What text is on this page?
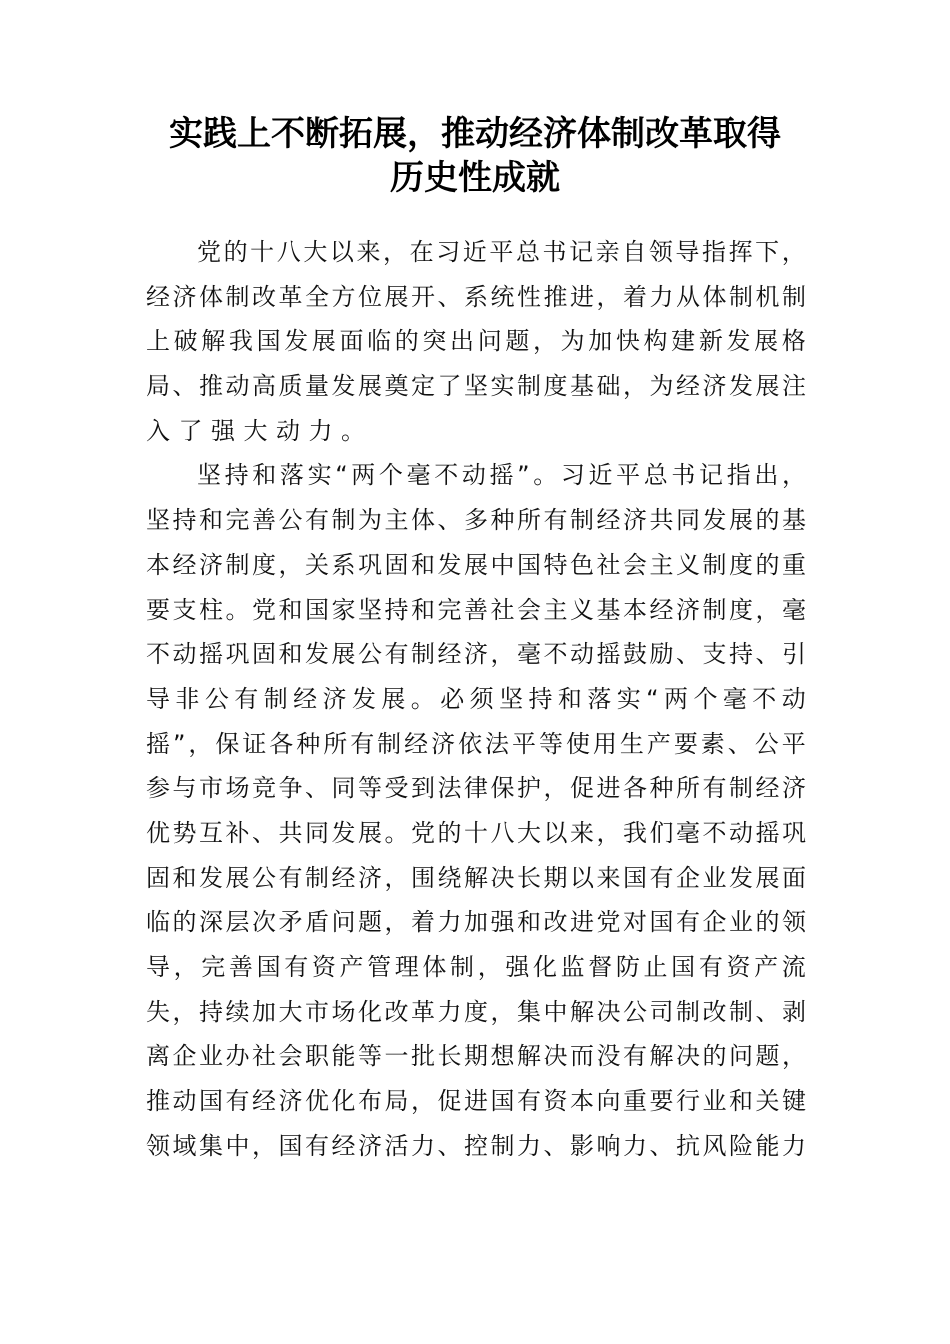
实践上不断拓展，推动经济体制改革取得
历史性成就
党 的 十 八 大 以 来 ， 在 习 近 平 总 书 记 亲 自 领 导 指 挥 下 ，
经 济 体 制 改 革 全 方 位 展 开 、 系 统 性 推 进 ， 着 力 从 体 制 机 制
上 破 解 我 国 发 展 面 临 的 突 出 问 题 ， 为 加 快 构 建 新 发 展 格
局 、 推 动 高 质 量 发 展 奠 定 了 坚 实 制 度 基 础 ， 为 经 济 发 展 注
入了强大动力。
坚 持 和 落 实 “ 两 个 毫 不 动 摇 ” 。 习 近 平 总 书 记 指 出 ，
坚 持 和 完 善 公 有 制 为 主 体 、 多 种 所 有 制 经 济 共 同 发 展 的 基
本 经 济 制 度 ， 关 系 巩 固 和 发 展 中 国 特 色 社 会 主 义 制 度 的 重
要 支 柱 。 党 和 国 家 坚 持 和 完 善 社 会 主 义 基 本 经 济 制 度 ， 毫
不 动 摇 巩 固 和 发 展 公 有 制 经 济 ， 毫 不 动 摇 鼓 励 、 支 持 、 引
导 非 公 有 制 经 济 发 展 。 必 须 坚 持 和 落 实 “ 两 个 毫 不 动
摇 ” ， 保 证 各 种 所 有 制 经 济 依 法 平 等 使 用 生 产 要 素 、 公 平
参 与 市 场 竞 争 、 同 等 受 到 法 律 保 护 ， 促 进 各 种 所 有 制 经 济
优 势 互 补 、 共 同 发 展 。 党 的 十 八 大 以 来 ， 我 们 毫 不 动 摇 巩
固 和 发 展 公 有 制 经 济 ， 围 绕 解 决 长 期 以 来 国 有 企 业 发 展 面
临 的 深 层 次 矛 盾 问 题 ， 着 力 加 强 和 改 进 党 对 国 有 企 业 的 领
导 ， 完 善 国 有 资 产 管 理 体 制 ， 强 化 监 督 防 止 国 有 资 产 流
失 ， 持 续 加 大 市 场 化 改 革 力 度 ， 集 中 解 决 公 司 制 改 制 、 剥
离 企 业 办 社 会 职 能 等 一 批 长 期 想 解 决 而 没 有 解 决 的 问 题 ，
推 动 国 有 经 济 优 化 布 局 ， 促 进 国 有 资 本 向 重 要 行 业 和 关 键
领 域 集 中 ， 国 有 经 济 活 力 、 控 制 力 、 影 响 力 、 抗 风 险 能 力
